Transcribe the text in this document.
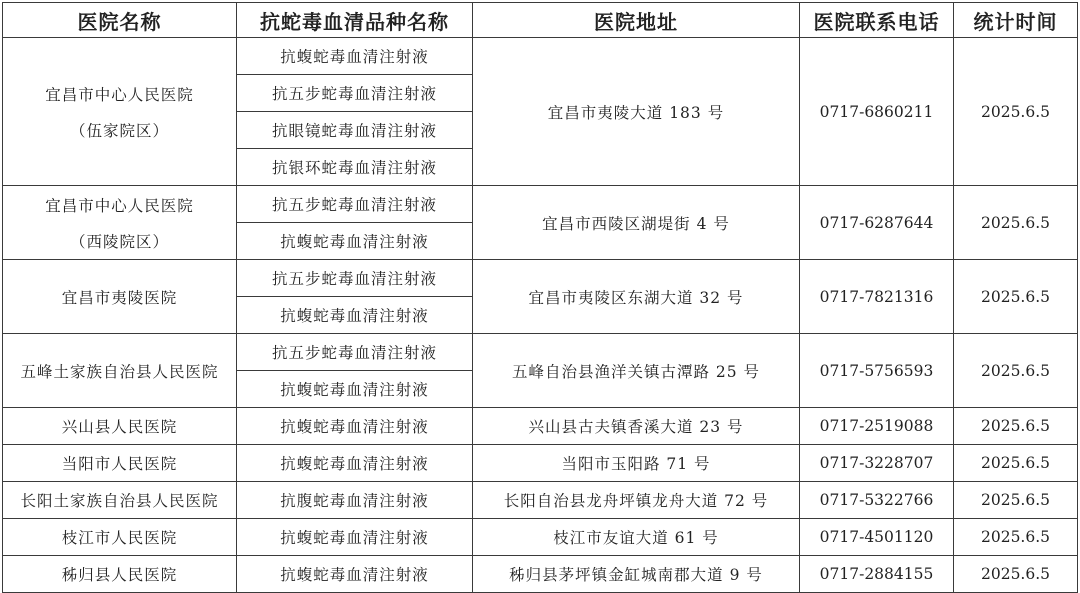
医院名称	抗蛇毒血清品种名称	医院地址	医院联系电话	统计时间

宜昌市中心人民医院
（伍家院区）	抗蝮蛇毒血清注射液	宜昌市夷陵大道 183 号	0717-6860211	2025.6.5
	抗五步蛇毒血清注射液			
	抗眼镜蛇毒血清注射液			
	抗银环蛇毒血清注射液			

宜昌市中心人民医院
（西陵院区）	抗五步蛇毒血清注射液	宜昌市西陵区湖堤街 4 号	0717-6287644	2025.6.5
	抗蝮蛇毒血清注射液			
宜昌市夷陵医院	抗五步蛇毒血清注射液	宜昌市夷陵区东湖大道 32 号	0717-7821316	2025.6.5
	抗蝮蛇毒血清注射液			
五峰土家族自治县人民医院	抗五步蛇毒血清注射液	五峰自治县渔洋关镇古潭路 25 号	0717-5756593	2025.6.5
	抗蝮蛇毒血清注射液			
兴山县人民医院	抗蝮蛇毒血清注射液	兴山县古夫镇香溪大道 23 号	0717-2519088	2025.6.5
当阳市人民医院	抗蝮蛇毒血清注射液	当阳市玉阳路 71 号	0717-3228707	2025.6.5
长阳土家族自治县人民医院	抗腹蛇毒血清注射液	长阳自治县龙舟坪镇龙舟大道 72 号	0717-5322766	2025.6.5
枝江市人民医院	抗蝮蛇毒血清注射液	枝江市友谊大道 61 号	0717-4501120	2025.6.5
秭归县人民医院	抗蝮蛇毒血清注射液	秭归县茅坪镇金缸城南郡大道 9 号	0717-2884155	2025.6.5
